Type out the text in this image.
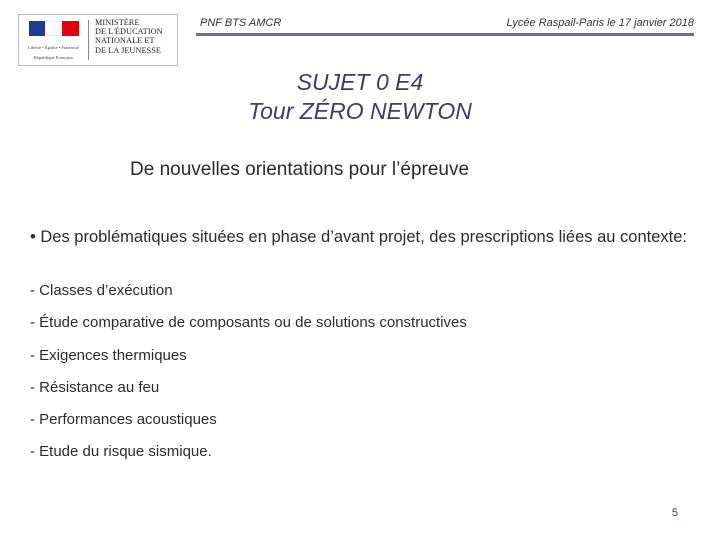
Liberté • Égalité • Fraternité

République Française

MINISTÈRE
DE L'ÉDUCATION
NATIONALE ET
DE LA JEUNESSE
PNF BTS AMCR	Lycée Raspail-Paris le 17 janvier 2018
SUJET 0 E4
Tour ZÉRO NEWTON
De nouvelles orientations pour l’épreuve
• Des problématiques situées en phase d’avant projet, des prescriptions liées au contexte:
- Classes d’exécution
- Étude comparative de composants ou de solutions constructives
- Exigences thermiques
- Résistance au feu
- Performances acoustiques
- Etude du risque sismique.
5
